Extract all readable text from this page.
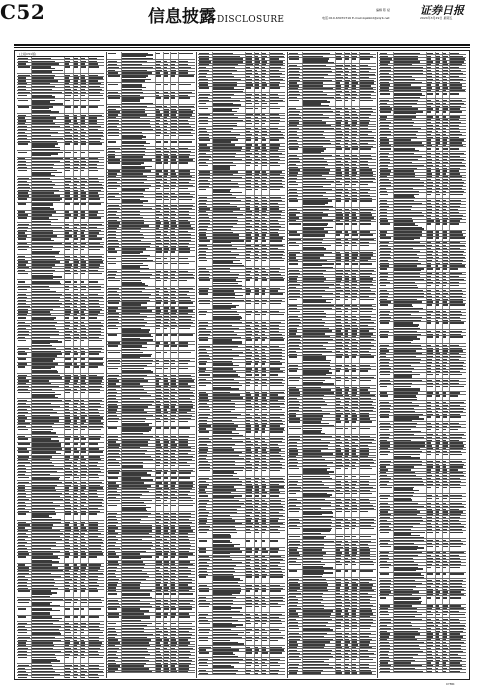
C52	信息披露DISCLOSURE
编辑 陈 斌
电话:010-63070716 E-mail:zqsbbld@zqrb.net
证券日报
2024年3月29日 星期五
(上接C51版)
CYMK
